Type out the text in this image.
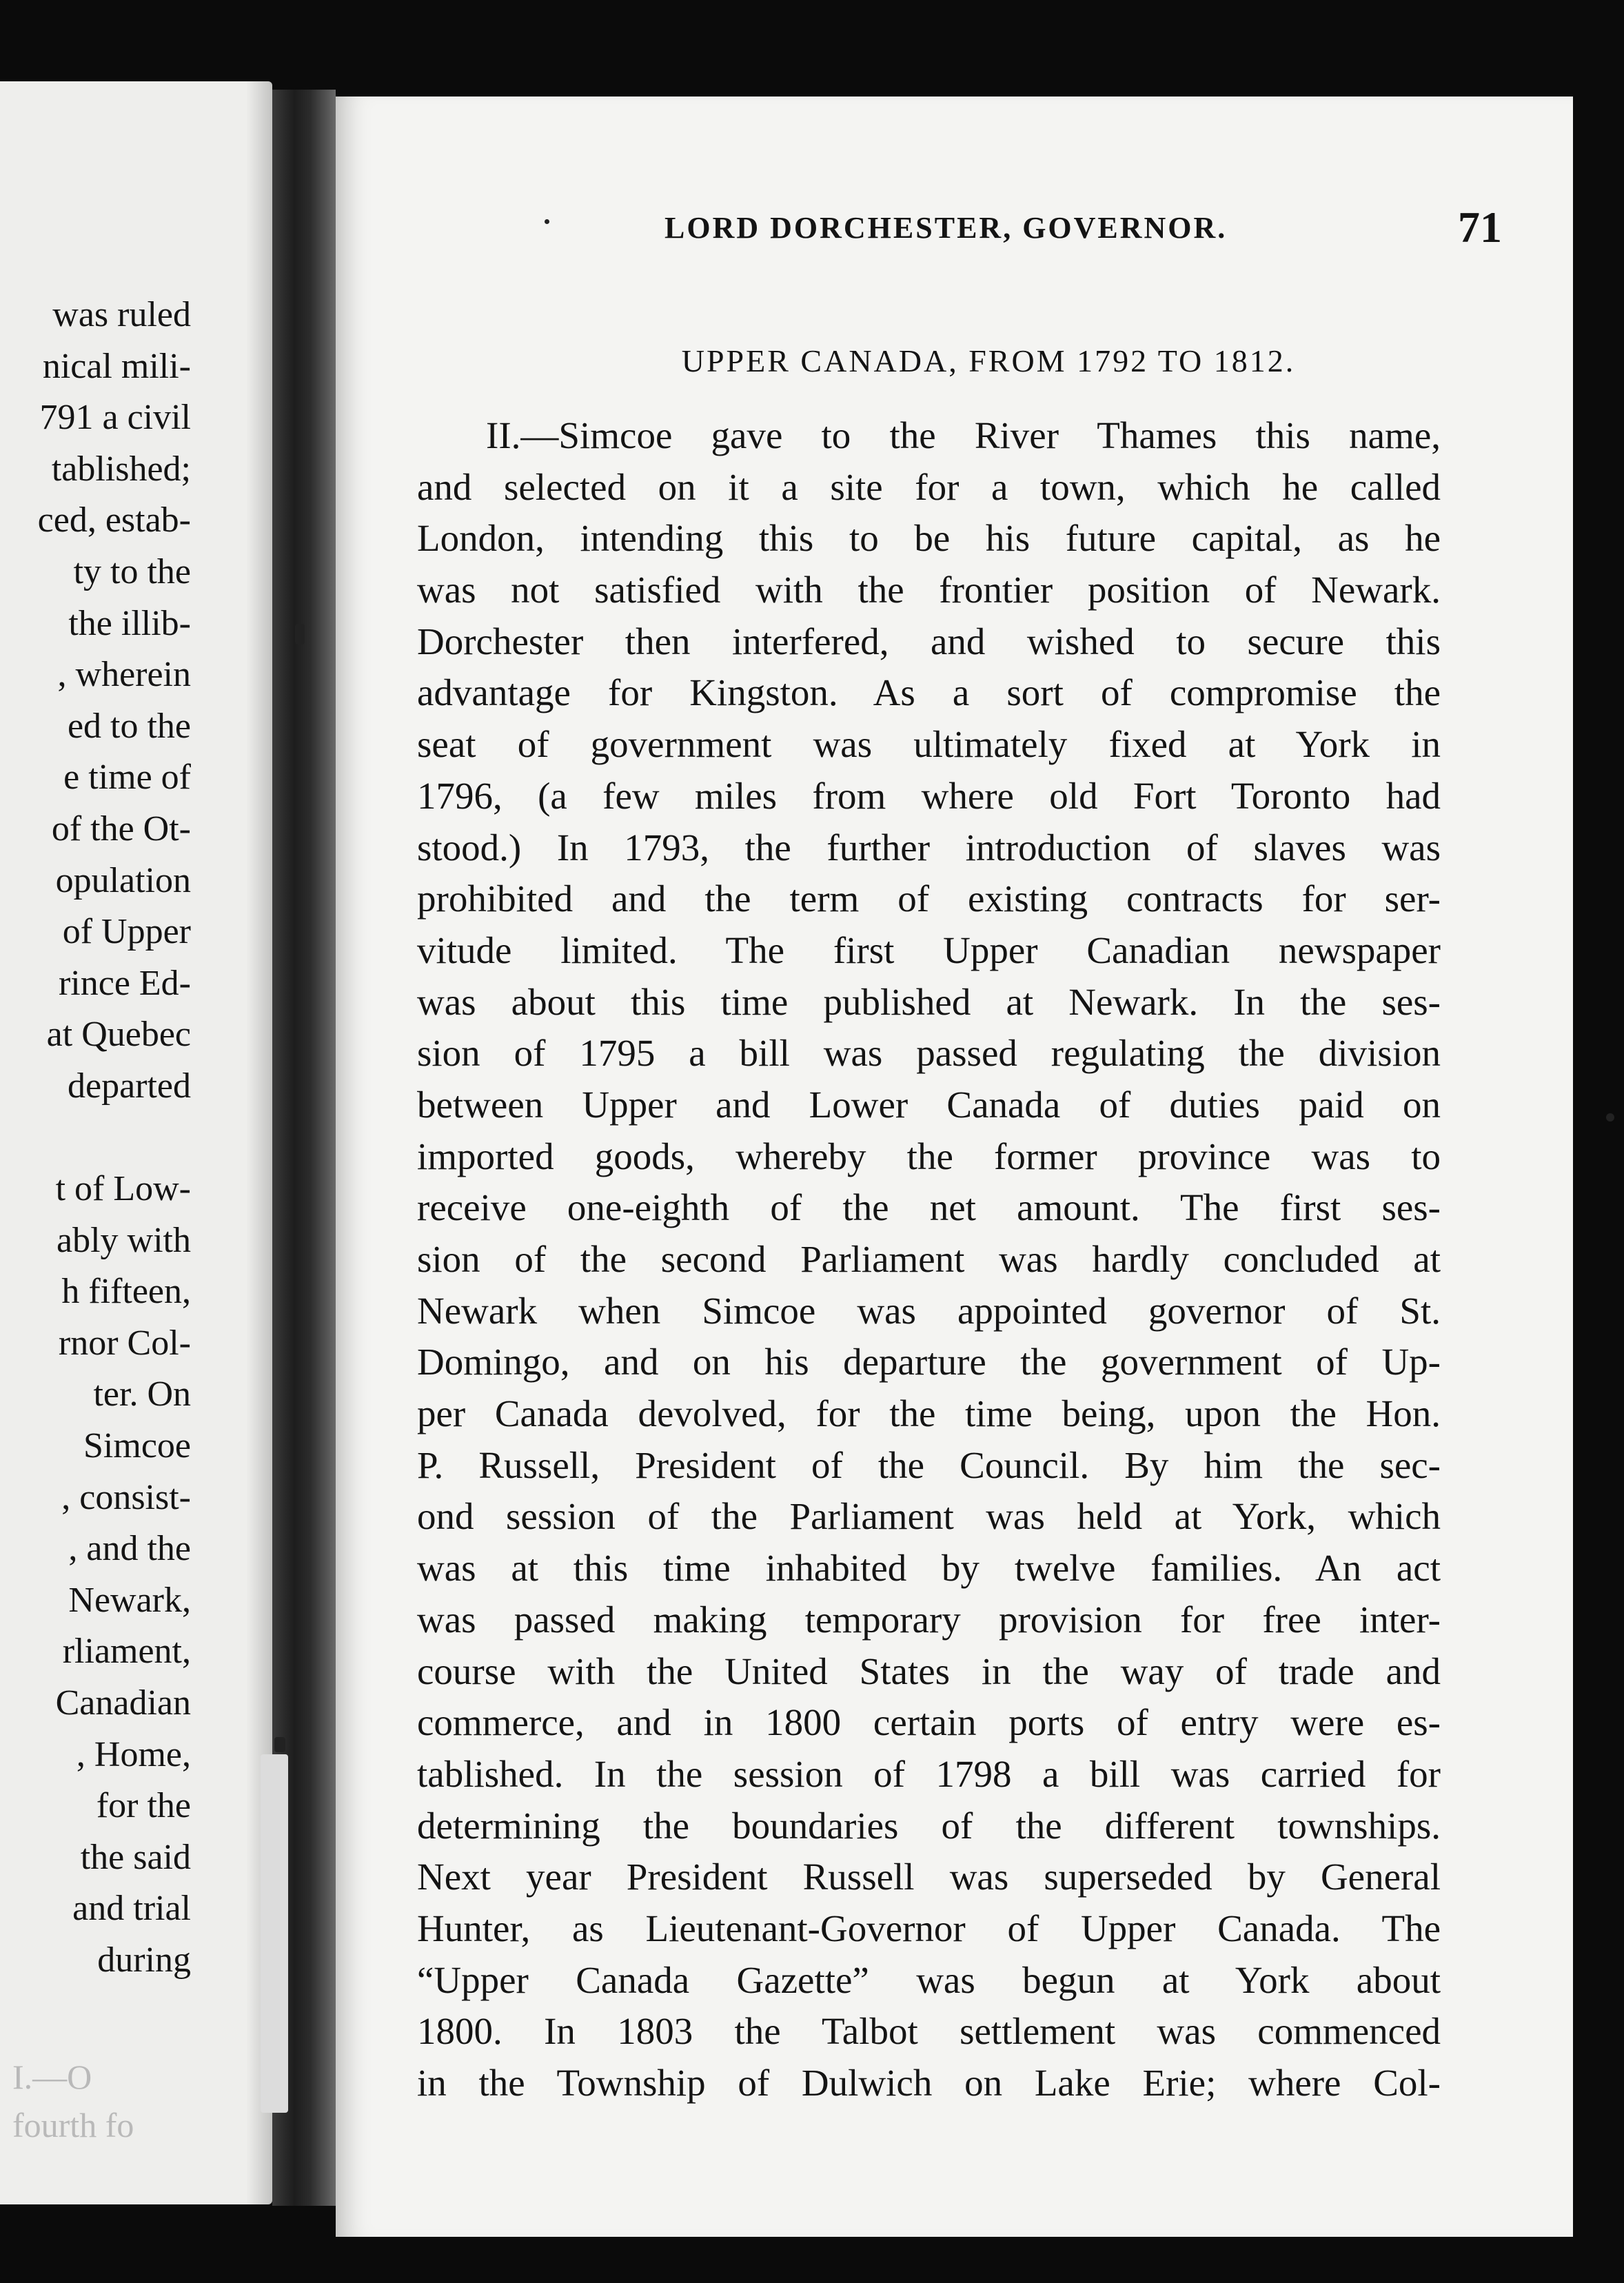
was ruled
nical mili-
791 a civil
tablished;
ced, estab-
ty to the
the illib-
, wherein
ed to the
e time of
of the Ot-
opulation
of Upper
rince Ed-
at Quebec
departed

t of Low-
ably with
h fifteen,
rnor Col-
ter. On
Simcoe
, consist-
, and the
Newark,
rliament,
Canadian
, Home,
for the
the said
and trial
during
I.—O
fourth fo
LORD DORCHESTER, GOVERNOR.	71
UPPER CANADA, FROM 1792 TO 1812.
II.—Simcoe gave to the River Thames this name,
and selected on it a site for a town, which he called
London, intending this to be his future capital, as he
was not satisfied with the frontier position of Newark.
Dorchester then interfered, and wished to secure this
advantage for Kingston. As a sort of compromise the
seat of government was ultimately fixed at York in
1796, (a few miles from where old Fort Toronto had
stood.) In 1793, the further introduction of slaves was
prohibited and the term of existing contracts for ser-
vitude limited. The first Upper Canadian newspaper
was about this time published at Newark. In the ses-
sion of 1795 a bill was passed regulating the division
between Upper and Lower Canada of duties paid on
imported goods, whereby the former province was to
receive one-eighth of the net amount. The first ses-
sion of the second Parliament was hardly concluded at
Newark when Simcoe was appointed governor of St.
Domingo, and on his departure the government of Up-
per Canada devolved, for the time being, upon the Hon.
P. Russell, President of the Council. By him the sec-
ond session of the Parliament was held at York, which
was at this time inhabited by twelve families. An act
was passed making temporary provision for free inter-
course with the United States in the way of trade and
commerce, and in 1800 certain ports of entry were es-
tablished. In the session of 1798 a bill was carried for
determining the boundaries of the different townships.
Next year President Russell was superseded by General
Hunter, as Lieutenant-Governor of Upper Canada. The
“Upper Canada Gazette” was begun at York about
1800. In 1803 the Talbot settlement was commenced
in the Township of Dulwich on Lake Erie; where Col-
